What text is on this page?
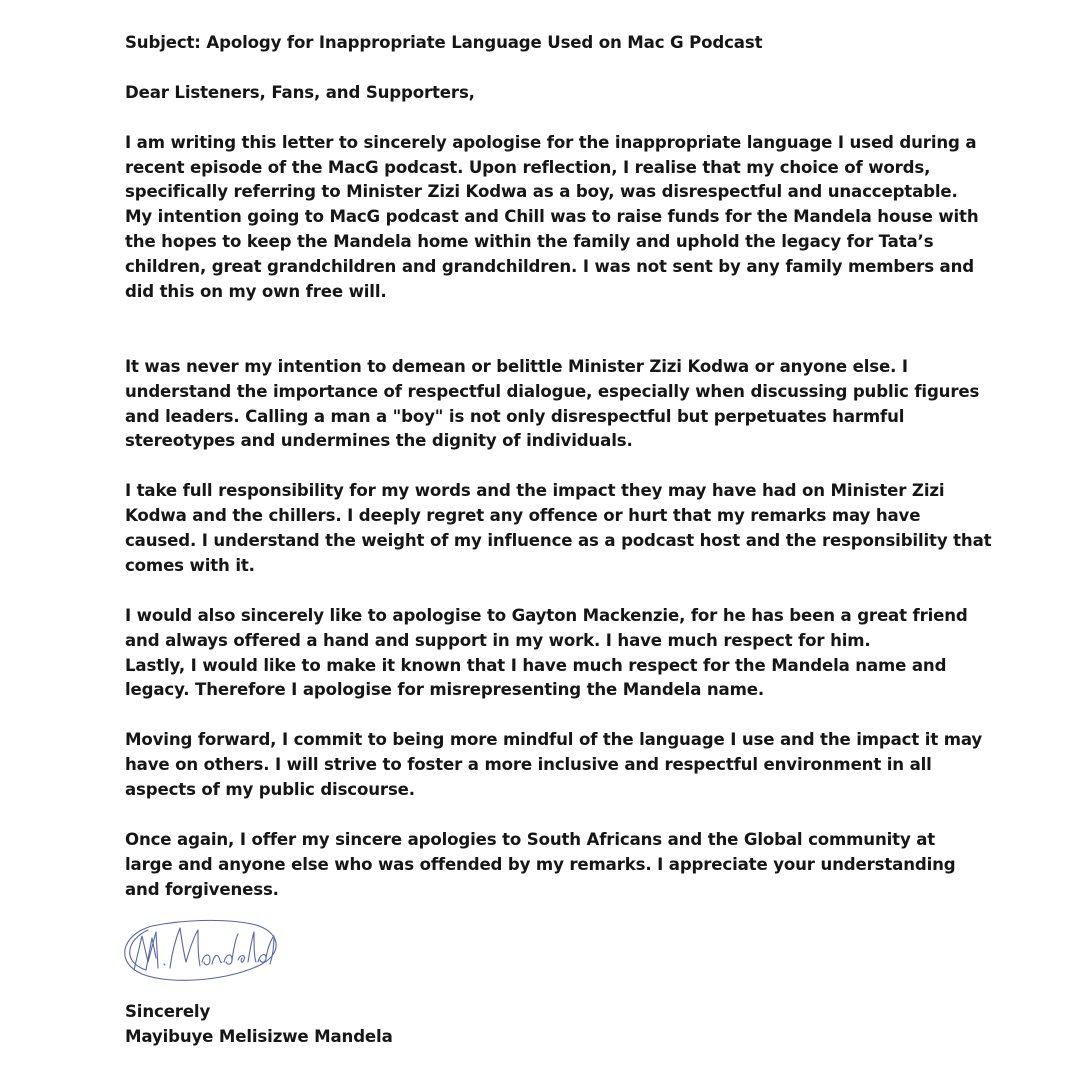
Subject: Apology for Inappropriate Language Used on Mac G Podcast

Dear Listeners, Fans, and Supporters,

I am writing this letter to sincerely apologise for the inappropriate language I used during a
recent episode of the MacG podcast. Upon reflection, I realise that my choice of words,
specifically referring to Minister Zizi Kodwa as a boy, was disrespectful and unacceptable.
My intention going to MacG podcast and Chill was to raise funds for the Mandela house with
the hopes to keep the Mandela home within the family and uphold the legacy for Tata’s
children, great grandchildren and grandchildren. I was not sent by any family members and
did this on my own free will.

It was never my intention to demean or belittle Minister Zizi Kodwa or anyone else. I
understand the importance of respectful dialogue, especially when discussing public figures
and leaders. Calling a man a "boy" is not only disrespectful but perpetuates harmful
stereotypes and undermines the dignity of individuals.

I take full responsibility for my words and the impact they may have had on Minister Zizi
Kodwa and the chillers. I deeply regret any offence or hurt that my remarks may have
caused. I understand the weight of my influence as a podcast host and the responsibility that
comes with it.

I would also sincerely like to apologise to Gayton Mackenzie, for he has been a great friend
and always offered a hand and support in my work. I have much respect for him.
Lastly, I would like to make it known that I have much respect for the Mandela name and
legacy. Therefore I apologise for misrepresenting the Mandela name.

Moving forward, I commit to being more mindful of the language I use and the impact it may
have on others. I will strive to foster a more inclusive and respectful environment in all
aspects of my public discourse.

Once again, I offer my sincere apologies to South Africans and the Global community at
large and anyone else who was offended by my remarks. I appreciate your understanding
and forgiveness.

Sincerely
Mayibuye Melisizwe Mandela
